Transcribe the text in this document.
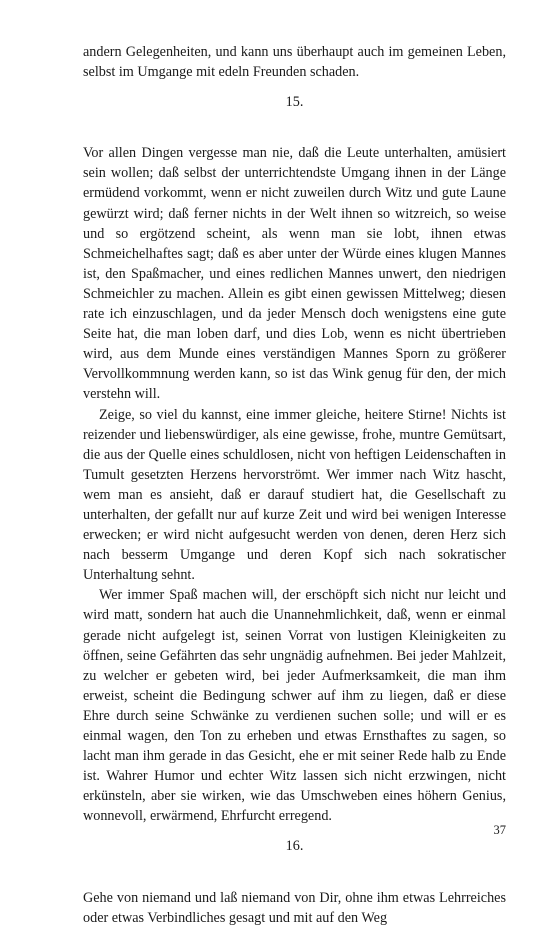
andern Gelegenheiten, und kann uns überhaupt auch im gemeinen Leben, selbst im Umgange mit edeln Freunden schaden.

15.

Vor allen Dingen vergesse man nie, daß die Leute unterhalten, amüsiert sein wollen; daß selbst der unterrichtendste Umgang ihnen in der Länge ermüdend vorkommt, wenn er nicht zuweilen durch Witz und gute Laune gewürzt wird; daß ferner nichts in der Welt ihnen so witzreich, so weise und so ergötzend scheint, als wenn man sie lobt, ihnen etwas Schmeichelhaftes sagt; daß es aber unter der Würde eines klugen Mannes ist, den Spaßmacher, und eines redlichen Mannes unwert, den niedrigen Schmeichler zu machen. Allein es gibt einen gewissen Mittelweg; diesen rate ich einzuschlagen, und da jeder Mensch doch wenigstens eine gute Seite hat, die man loben darf, und dies Lob, wenn es nicht übertrieben wird, aus dem Munde eines verständigen Mannes Sporn zu größerer Vervollkommnung werden kann, so ist das Wink genug für den, der mich verstehn will.

Zeige, so viel du kannst, eine immer gleiche, heitere Stirne! Nichts ist reizender und liebenswürdiger, als eine gewisse, frohe, muntre Gemütsart, die aus der Quelle eines schuldlosen, nicht von heftigen Leidenschaften in Tumult gesetzten Herzens hervorströmt. Wer immer nach Witz hascht, wem man es ansieht, daß er darauf studiert hat, die Gesellschaft zu unterhalten, der gefallt nur auf kurze Zeit und wird bei wenigen Interesse erwecken; er wird nicht aufgesucht werden von denen, deren Herz sich nach besserm Umgange und deren Kopf sich nach sokratischer Unterhaltung sehnt.

Wer immer Spaß machen will, der erschöpft sich nicht nur leicht und wird matt, sondern hat auch die Unannehmlichkeit, daß, wenn er einmal gerade nicht aufgelegt ist, seinen Vorrat von lustigen Kleinigkeiten zu öffnen, seine Gefährten das sehr ungnädig aufnehmen. Bei jeder Mahlzeit, zu welcher er gebeten wird, bei jeder Aufmerksamkeit, die man ihm erweist, scheint die Bedingung schwer auf ihm zu liegen, daß er diese Ehre durch seine Schwänke zu verdienen suchen solle; und will er es einmal wagen, den Ton zu erheben und etwas Ernsthaftes zu sagen, so lacht man ihm gerade in das Gesicht, ehe er mit seiner Rede halb zu Ende ist. Wahrer Humor und echter Witz lassen sich nicht erzwingen, nicht erkünsteln, aber sie wirken, wie das Umschweben eines höhern Genius, wonnevoll, erwärmend, Ehrfurcht erregend.

16.

Gehe von niemand und laß niemand von Dir, ohne ihm etwas Lehrreiches oder etwas Verbindliches gesagt und mit auf den Weg

37
